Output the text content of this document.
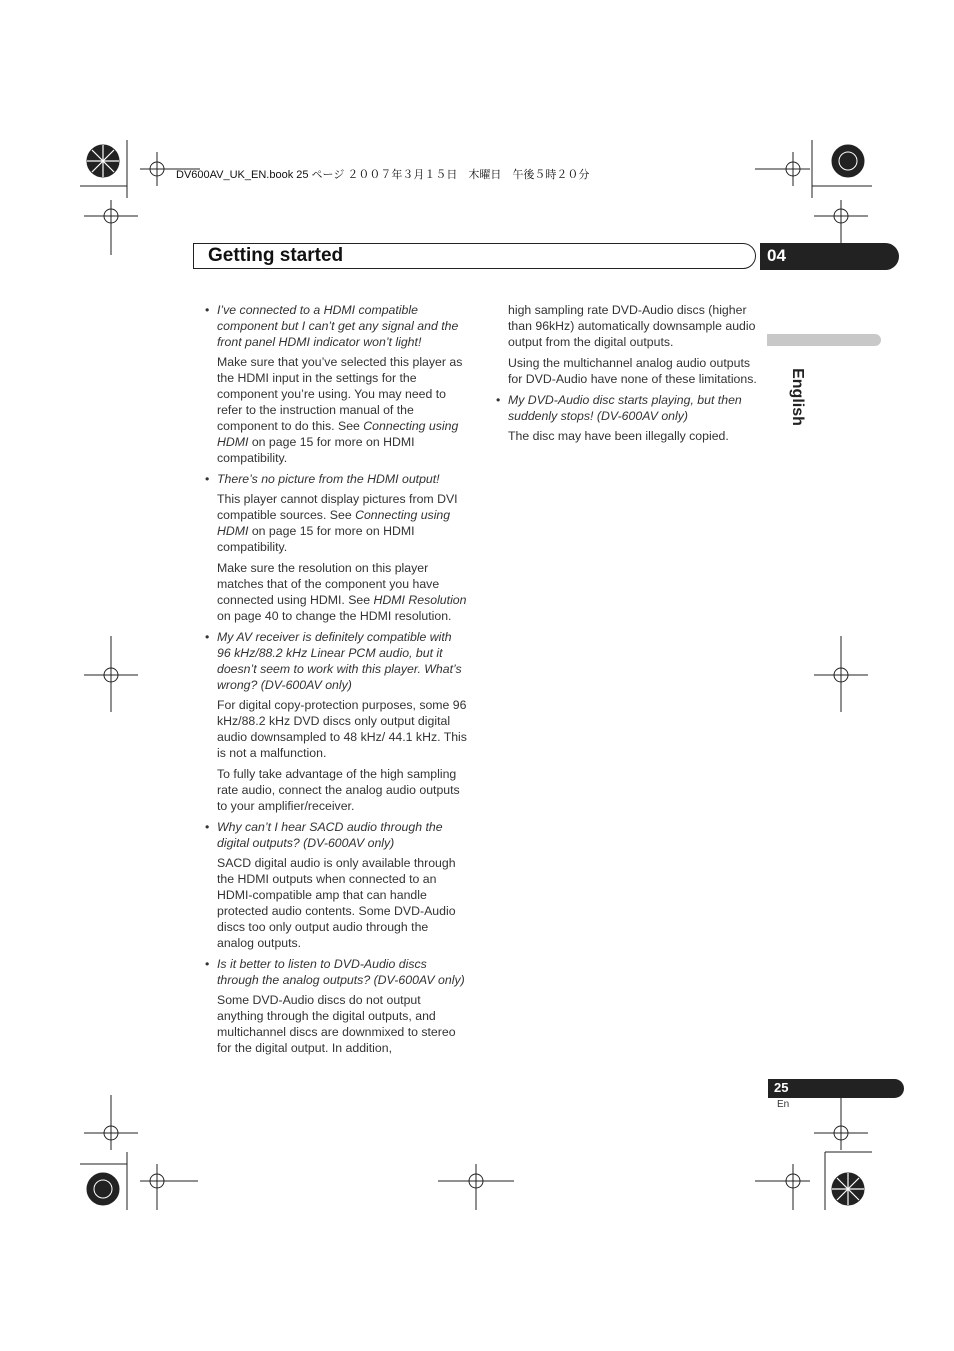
DV600AV_UK_EN.book 25 ページ ２００７年３月１５日　木曜日　午後５時２０分
Getting started	04
English
• I’ve connected to a HDMI compatible component but I can’t get any signal and the front panel HDMI indicator won’t light!
Make sure that you’ve selected this player as the HDMI input in the settings for the component you’re using. You may need to refer to the instruction manual of the component to do this. See Connecting using HDMI on page 15 for more on HDMI compatibility.
• There’s no picture from the HDMI output!
This player cannot display pictures from DVI compatible sources. See Connecting using HDMI on page 15 for more on HDMI compatibility.
Make sure the resolution on this player matches that of the component you have connected using HDMI. See HDMI Resolution on page 40 to change the HDMI resolution.
• My AV receiver is definitely compatible with 96 kHz/88.2 kHz Linear PCM audio, but it doesn’t seem to work with this player. What’s wrong? (DV-600AV only)
For digital copy-protection purposes, some 96 kHz/88.2 kHz DVD discs only output digital audio downsampled to 48 kHz/ 44.1 kHz. This is not a malfunction.
To fully take advantage of the high sampling rate audio, connect the analog audio outputs to your amplifier/receiver.
• Why can’t I hear SACD audio through the digital outputs? (DV-600AV only)
SACD digital audio is only available through the HDMI outputs when connected to an HDMI-compatible amp that can handle protected audio contents. Some DVD-Audio discs too only output audio through the analog outputs.
• Is it better to listen to DVD-Audio discs through the analog outputs? (DV-600AV only)
Some DVD-Audio discs do not output anything through the digital outputs, and multichannel discs are downmixed to stereo for the digital output. In addition,
high sampling rate DVD-Audio discs (higher than 96kHz) automatically downsample audio output from the digital outputs.
Using the multichannel analog audio outputs for DVD-Audio have none of these limitations.
• My DVD-Audio disc starts playing, but then suddenly stops! (DV-600AV only)
The disc may have been illegally copied.
25
En
